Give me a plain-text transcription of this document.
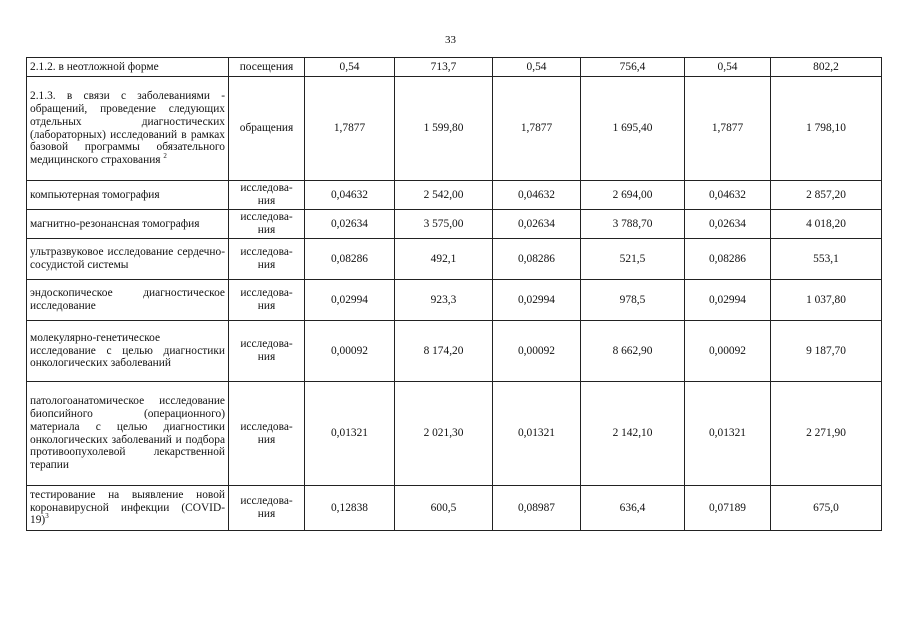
33
2.1.2. в неотложной форме	посещения	0,54	713,7	0,54	756,4	0,54	802,2
2.1.3. в связи с заболеваниями - обращений, проведение следующих отдельных диагностических (лабораторных) исследований в рамках базовой программы обязательного медицинского страхования $^2$	обращения	1,7877	1 599,80	1,7877	1 695,40	1,7877	1 798,10
компьютерная томография	исследова-ния	0,04632	2 542,00	0,04632	2 694,00	0,04632	2 857,20
магнитно-резонансная томография	исследова-ния	0,02634	3 575,00	0,02634	3 788,70	0,02634	4 018,20
ультразвуковое исследование сердечно-сосудистой системы	исследова-ния	0,08286	492,1	0,08286	521,5	0,08286	553,1
эндоскопическое диагностическое исследование	исследова-ния	0,02994	923,3	0,02994	978,5	0,02994	1 037,80
молекулярно-генетическое исследование с целью диагностики онкологических заболеваний	исследова-ния	0,00092	8 174,20	0,00092	8 662,90	0,00092	9 187,70
патологоанатомическое исследование биопсийного (операционного) материала с целью диагностики онкологических заболеваний и подбора противоопухолевой лекарственной терапии	исследова-ния	0,01321	2 021,30	0,01321	2 142,10	0,01321	2 271,90
тестирование на выявление новой коронавирусной инфекции (COVID-19)$^3$	исследова-ния	0,12838	600,5	0,08987	636,4	0,07189	675,0
